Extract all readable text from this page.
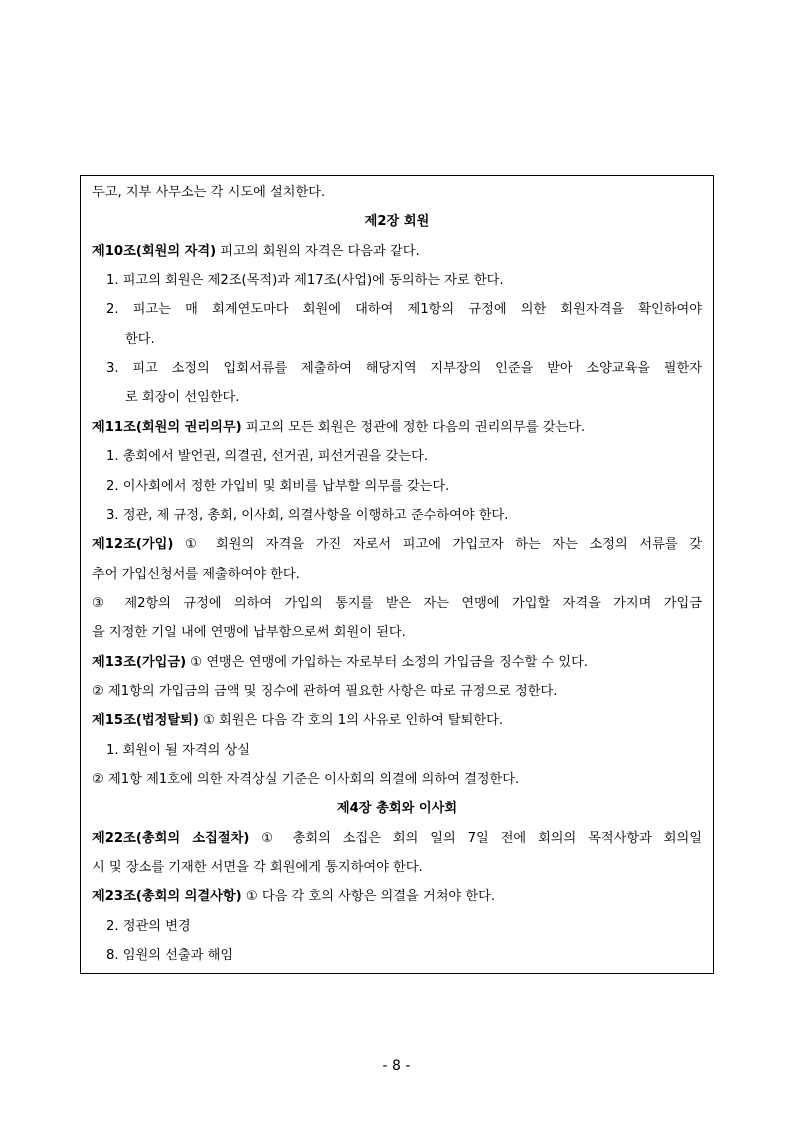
두고, 지부 사무소는 각 시도에 설치한다.
제2장 회원
제10조(회원의 자격) 피고의 회원의 자격은 다음과 같다.
1. 피고의 회원은 제2조(목적)과 제17조(사업)에 동의하는 자로 한다.
2. 피고는 매 회계연도마다 회원에 대하여 제1항의 규정에 의한 회원자격을 확인하여야
한다.
3. 피고 소정의 입회서류를 제출하여 해당지역 지부장의 인준을 받아 소양교육을 필한자
로 회장이 선임한다.
제11조(회원의 권리의무) 피고의 모든 회원은 정관에 정한 다음의 권리의무를 갖는다.
1. 총회에서 발언권, 의결권, 선거권, 피선거권을 갖는다.
2. 이사회에서 정한 가입비 및 회비를 납부할 의무를 갖는다.
3. 정관, 제 규정, 총회, 이사회, 의결사항을 이행하고 준수하여야 한다.
제12조(가입) ① 회원의 자격을 가진 자로서 피고에 가입코자 하는 자는 소정의 서류를 갖
추어 가입신청서를 제출하여야 한다.
③ 제2항의 규정에 의하여 가입의 통지를 받은 자는 연맹에 가입할 자격을 가지며 가입금
을 지정한 기일 내에 연맹에 납부함으로써 회원이 된다.
제13조(가입금) ① 연맹은 연맹에 가입하는 자로부터 소정의 가입금을 징수할 수 있다.
② 제1항의 가입금의 금액 및 징수에 관하여 필요한 사항은 따로 규정으로 정한다.
제15조(법정탈퇴) ① 회원은 다음 각 호의 1의 사유로 인하여 탈퇴한다.
1. 회원이 될 자격의 상실
② 제1항 제1호에 의한 자격상실 기준은 이사회의 의결에 의하여 결정한다.
제4장 총회와 이사회
제22조(총회의 소집절차) ① 총회의 소집은 회의 일의 7일 전에 회의의 목적사항과 회의일
시 및 장소를 기재한 서면을 각 회원에게 통지하여야 한다.
제23조(총회의 의결사항) ① 다음 각 호의 사항은 의결을 거쳐야 한다.
2. 정관의 변경
8. 임원의 선출과 해임
- 8 -
